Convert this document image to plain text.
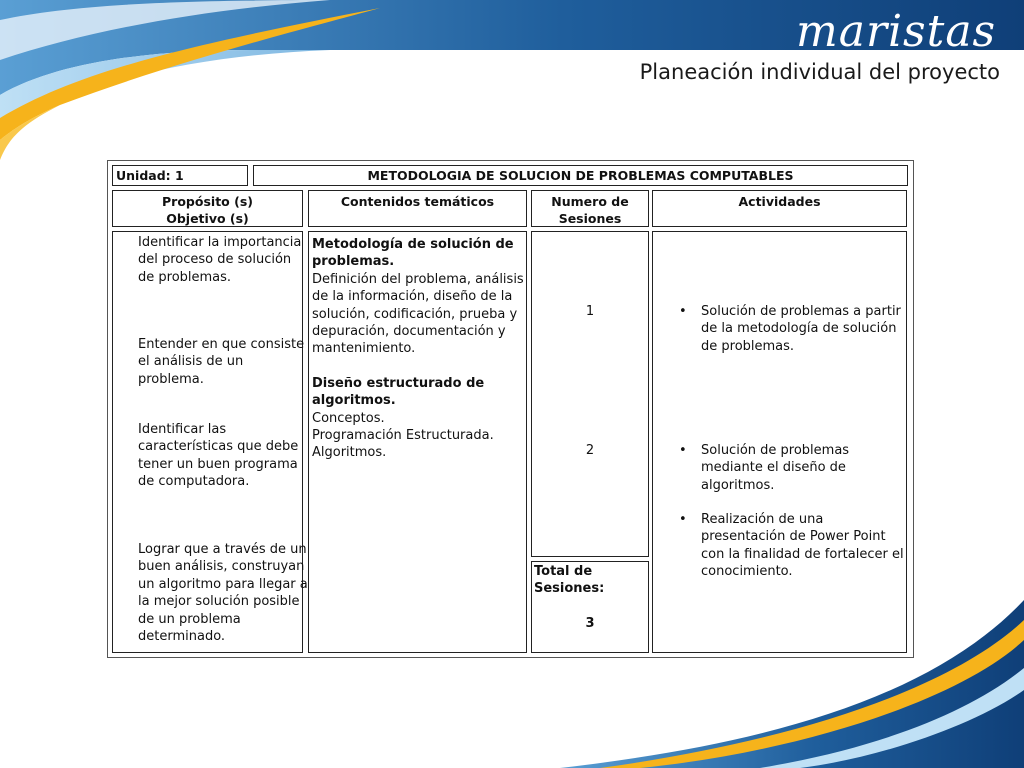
maristas
Planeación individual del proyecto
Unidad: 1	METODOLOGIA DE SOLUCION DE PROBLEMAS COMPUTABLES
Propósito (s)
Objetivo (s)
Contenidos temáticos	Numero de
Sesiones
Actividades
Identificar la importancia del proceso de solución de problemas.
Entender en que consiste el análisis de un problema.
Identificar las características que debe tener un buen programa de computadora.
Lograr que a través de un buen análisis, construyan un algoritmo para llegar a la mejor solución posible de un problema determinado.
Metodología de solución de problemas.
Definición del problema, análisis de la información, diseño de la solución, codificación, prueba y depuración, documentación y mantenimiento.
Diseño estructurado de algoritmos.
Conceptos.
Programación Estructurada.
Algoritmos.
1
2
Total de Sesiones:
3
• Solución de problemas a partir de la metodología de solución de problemas.
• Solución de problemas mediante el diseño de algoritmos.
• Realización de una presentación de Power Point con la finalidad de fortalecer el conocimiento.
